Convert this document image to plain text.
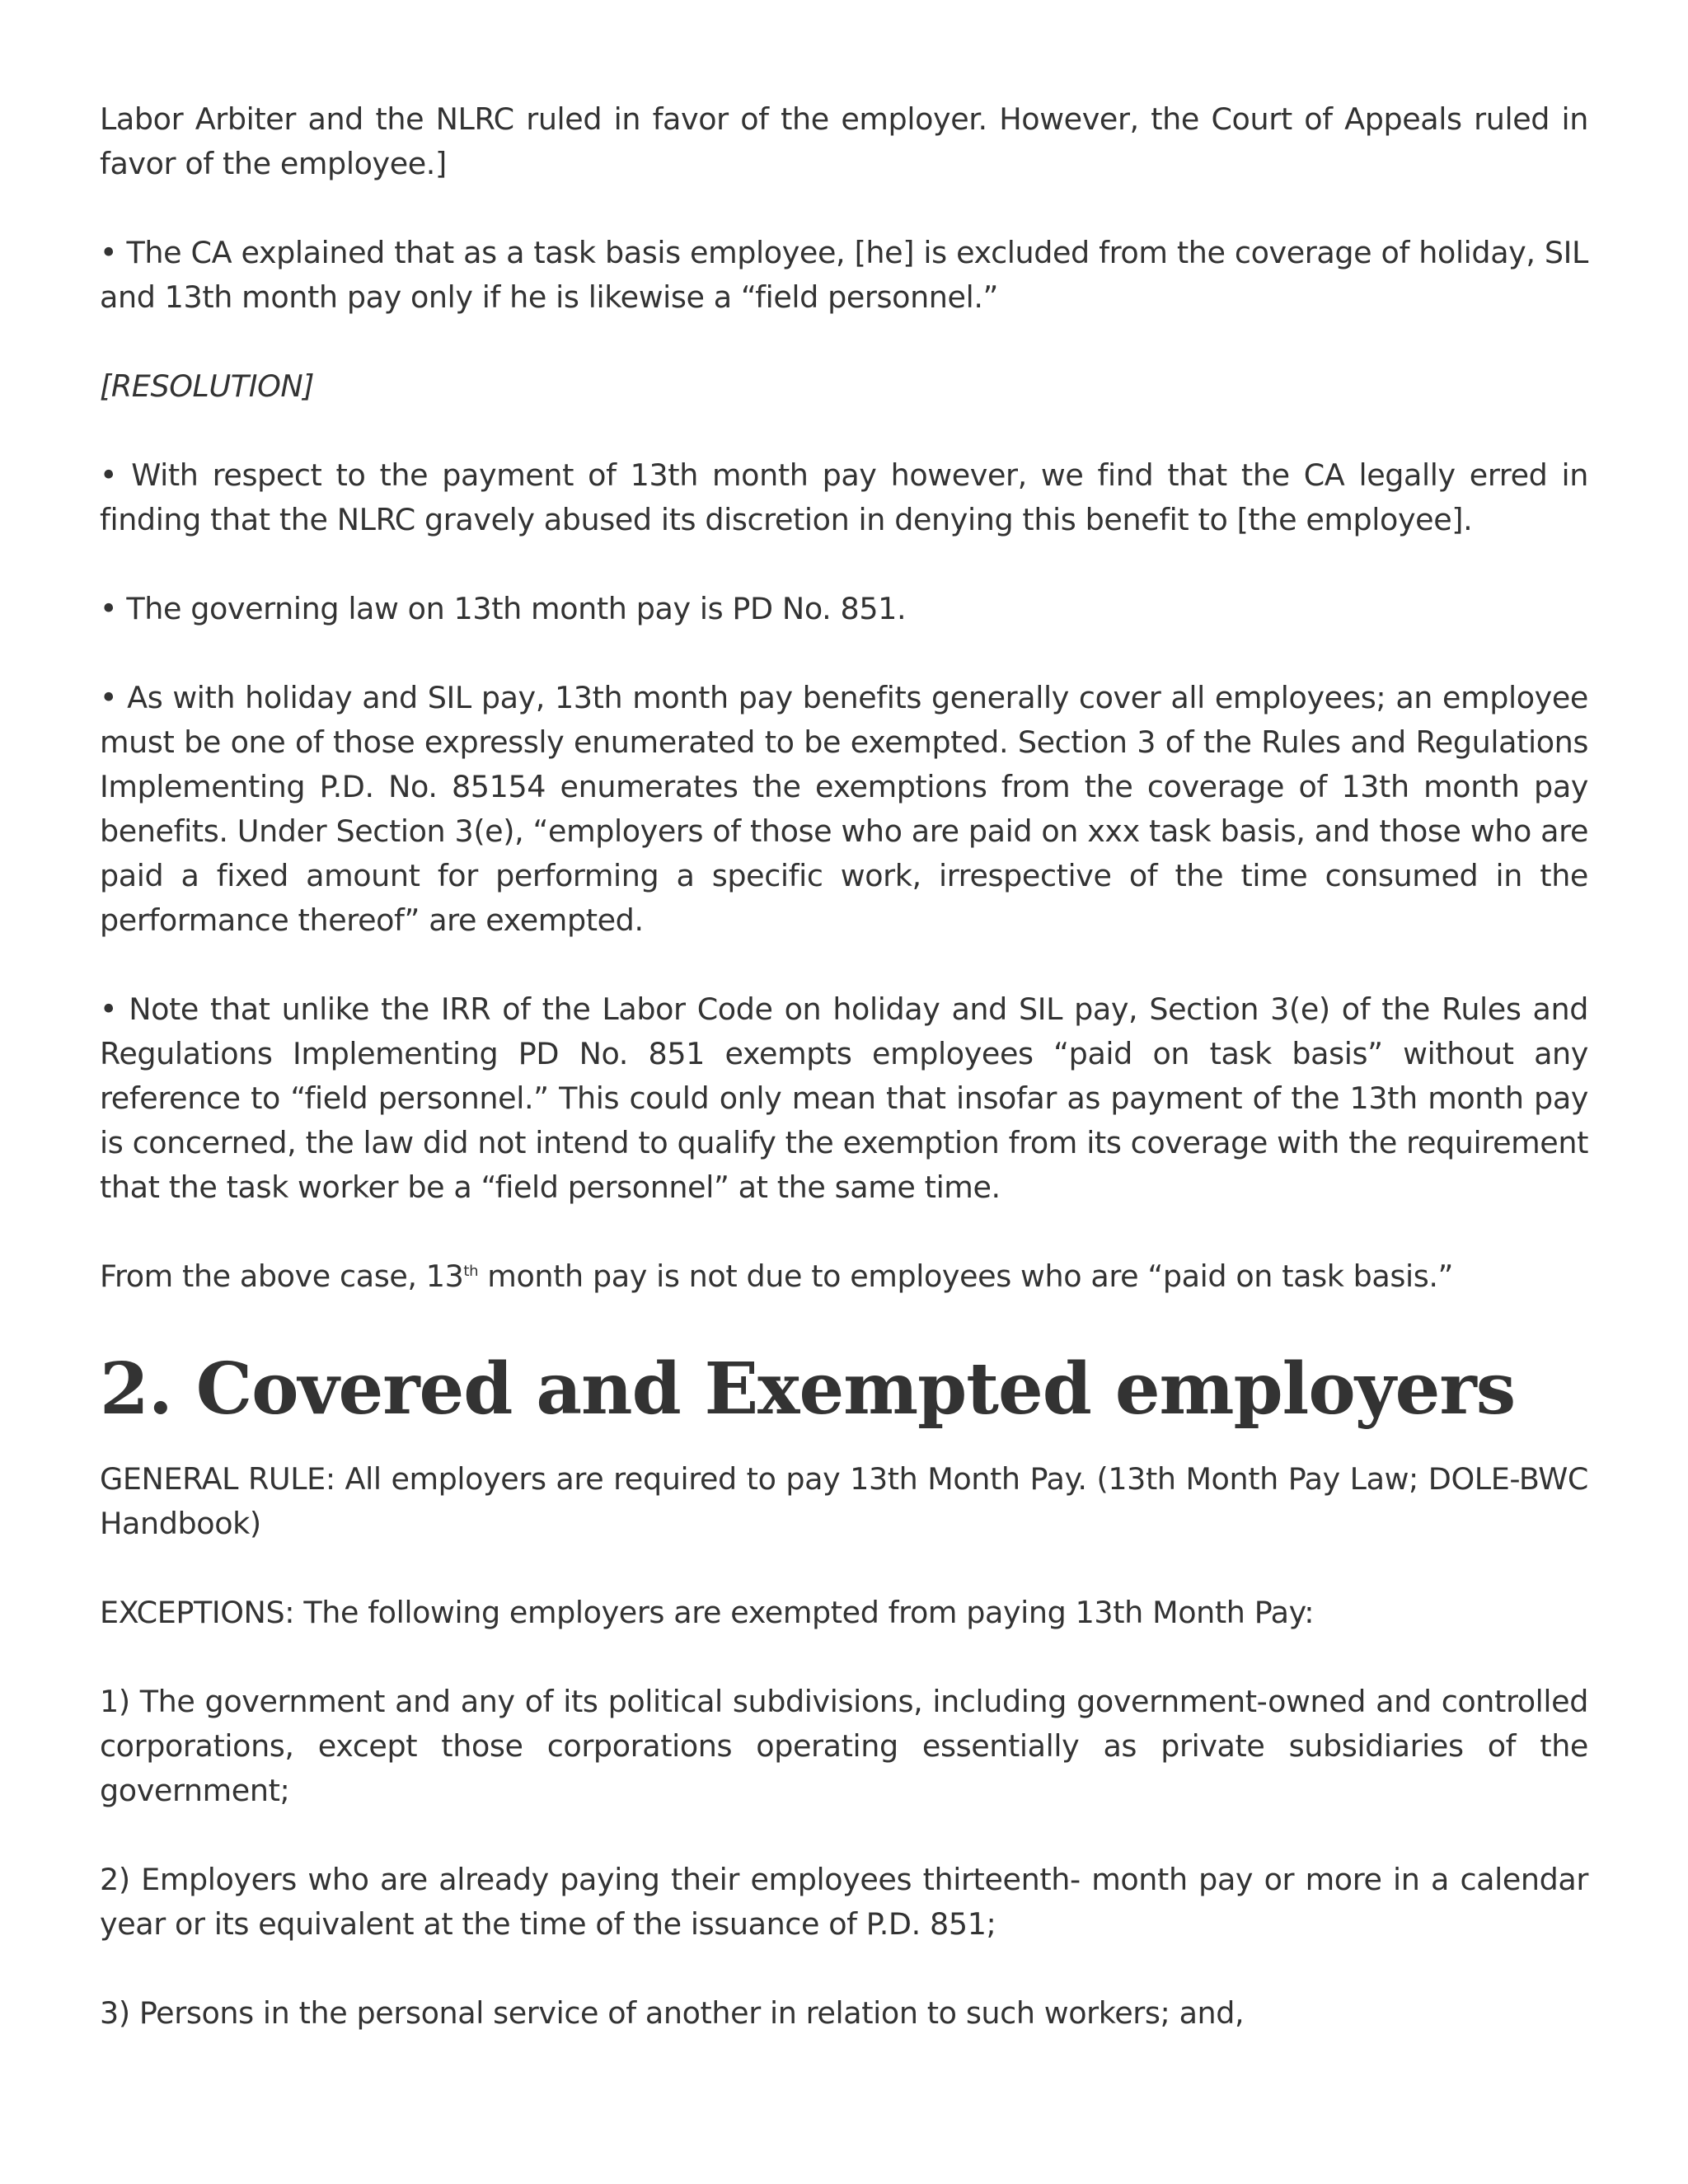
Labor Arbiter and the NLRC ruled in favor of the employer. However, the Court of Appeals ruled in favor of the employee.]

• The CA explained that as a task basis employee, [he] is excluded from the coverage of holiday, SIL and 13th month pay only if he is likewise a “field personnel.”

[RESOLUTION]

• With respect to the payment of 13th month pay however, we find that the CA legally erred in finding that the NLRC gravely abused its discretion in denying this benefit to [the employee].

• The governing law on 13th month pay is PD No. 851.

• As with holiday and SIL pay, 13th month pay benefits generally cover all employees; an employee must be one of those expressly enumerated to be exempted. Section 3 of the Rules and Regulations Implementing P.D. No. 85154 enumerates the exemptions from the coverage of 13th month pay benefits. Under Section 3(e), “employers of those who are paid on xxx task basis, and those who are paid a fixed amount for performing a specific work, irrespective of the time consumed in the performance thereof” are exempted.

• Note that unlike the IRR of the Labor Code on holiday and SIL pay, Section 3(e) of the Rules and Regulations Implementing PD No. 851 exempts employees “paid on task basis” without any reference to “field personnel.” This could only mean that insofar as payment of the 13th month pay is concerned, the law did not intend to qualify the exemption from its coverage with the requirement that the task worker be a “field personnel” at the same time.

From the above case, 13th month pay is not due to employees who are “paid on task basis.”

2. Covered and Exempted employers

GENERAL RULE: All employers are required to pay 13th Month Pay. (13th Month Pay Law; DOLE-BWC Handbook)

EXCEPTIONS: The following employers are exempted from paying 13th Month Pay:

1) The government and any of its political subdivisions, including government-owned and controlled corporations, except those corporations operating essentially as private subsidiaries of the government;

2) Employers who are already paying their employees thirteenth- month pay or more in a calendar year or its equivalent at the time of the issuance of P.D. 851;

3) Persons in the personal service of another in relation to such workers; and,
